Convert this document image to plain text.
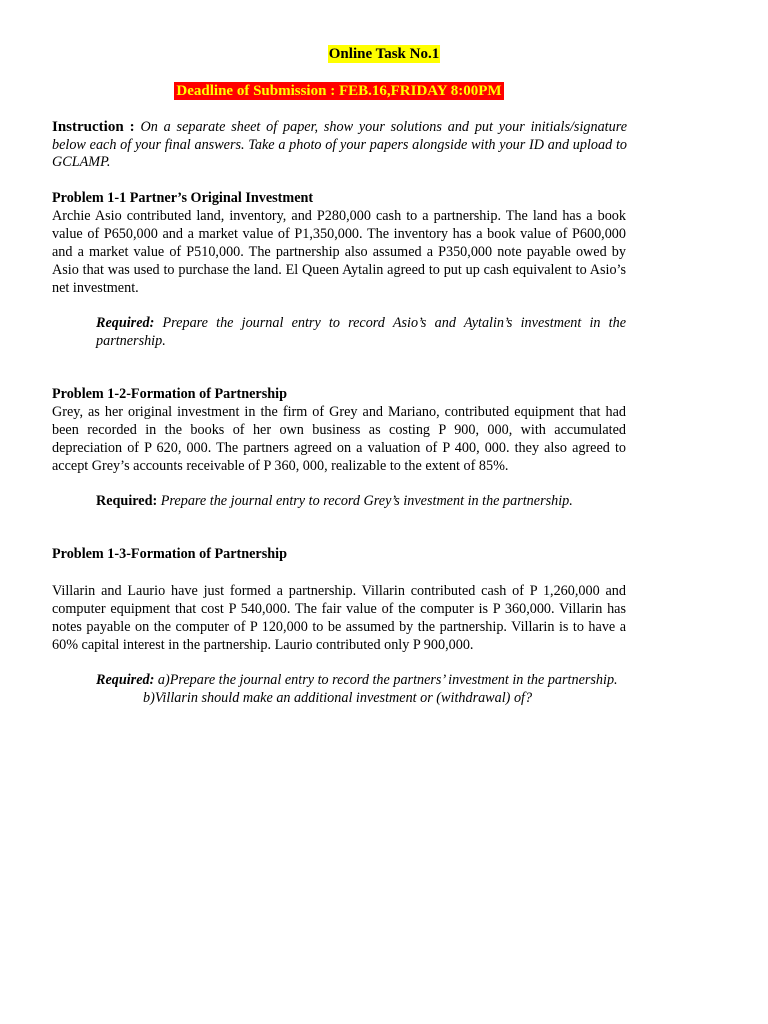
Online Task No.1
Deadline of Submission : FEB.16,FRIDAY 8:00PM
Instruction : On a separate sheet of paper, show your solutions and put your initials/signature below each of your final answers. Take a photo of your papers alongside with your ID and upload to GCLAMP.
Problem 1-1 Partner’s Original Investment
Archie Asio contributed land, inventory, and P280,000 cash to a partnership. The land has a book value of P650,000 and a market value of P1,350,000. The inventory has a book value of P600,000 and a market value of P510,000. The partnership also assumed a P350,000 note payable owed by Asio that was used to purchase the land. El Queen Aytalin agreed to put up cash equivalent to Asio’s net investment.
Required: Prepare the journal entry to record Asio’s and Aytalin’s investment in the partnership.
Problem 1-2-Formation of Partnership
Grey, as her original investment in the firm of Grey and Mariano, contributed equipment that had been recorded in the books of her own business as costing P 900, 000, with accumulated depreciation of P 620, 000. The partners agreed on a valuation of P 400, 000. they also agreed to accept Grey’s accounts receivable of P 360, 000, realizable to the extent of 85%.
Required: Prepare the journal entry to record Grey’s investment in the partnership.
Problem 1-3-Formation of Partnership
Villarin and Laurio have just formed a partnership. Villarin contributed cash of P 1,260,000 and computer equipment that cost P 540,000. The fair value of the computer is P 360,000. Villarin has notes payable on the computer of P 120,000 to be assumed by the partnership. Villarin is to have a 60% capital interest in the partnership. Laurio contributed only P 900,000.
Required: a)Prepare the journal entry to record the partners’ investment in the partnership.
b)Villarin should make an additional investment or (withdrawal) of?
